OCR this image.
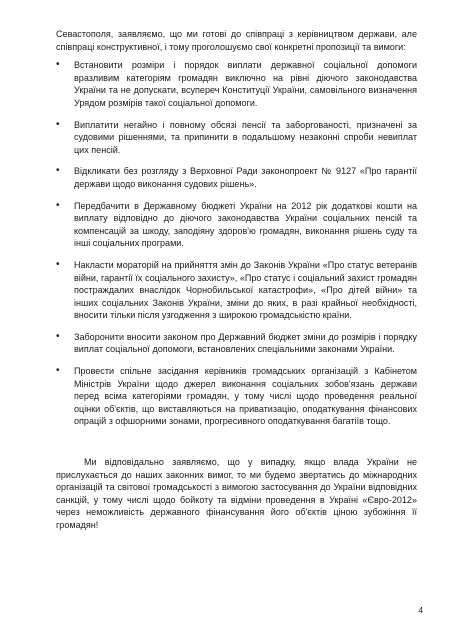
Севастополя, заявляємо, що ми готові до співпраці з керівництвом держави, але співпраці конструктивної, і тому проголошуємо свої конкретні пропозиції та вимоги:

• Встановити розміри і порядок виплати державної соціальної допомоги вразливим категоріям громадян виключно на рівні діючого законодавства України та не допускати, всупереч Конституції України, самовільного визначення Урядом розмірів такої соціальної допомоги.
• Виплатити негайно і повному обсязі пенсії та заборгованості, призначені за судовими рішеннями, та припинити в подальшому незаконні спроби невиплат цих пенсій.
• Відкликати без розгляду з Верховної Ради законопроект № 9127 «Про гарантії держави щодо виконання судових рішень».
• Передбачити в Державному бюджеті України на 2012 рік додаткові кошти на виплату відповідно до діючого законодавства України соціальних пенсій та компенсацій за шкоду, заподіяну здоров'ю громадян, виконання рішень суду та інші соціальних програми.
• Накласти мораторій на прийняття змін до Законів України «Про статус ветеранів війни, гарантії їх соціального захисту», «Про статус і соціальний захист громадян постраждалих внаслідок Чорнобильської катастрофи», «Про дітей війни» та інших соціальних Законів України, зміни до яких, в разі крайньої необхідності, вносити тільки після узгодження з широкою громадськістю країни.
• Заборонити вносити законом про Державний бюджет зміни до розмірів і порядку виплат соціальної допомоги, встановлених спеціальними законами України.
• Провести спільне засідання керівників громадських організацій з Кабінетом Міністрів України щодо джерел виконання соціальних зобов'язань держави перед всіма категоріями громадян, у тому числі щодо проведення реальної оцінки об'єктів, що виставляються на приватизацію, оподаткування фінансових опрацій з офшорними зонами, прогресивного оподаткування багатіїв тощо.

Ми відповідально заявляємо, що у випадку, якщо влада України не прислухається до наших законних вимог, то ми будемо звертатись до міжнародних організацій та світової громадськості з вимогою застосування до України відповідних санкцій, у тому числі щодо бойкоту та відміни проведення в Україні «Євро-2012» через неможливість державного фінансування його об'єктів ціною зубожіння її громадян!

4
